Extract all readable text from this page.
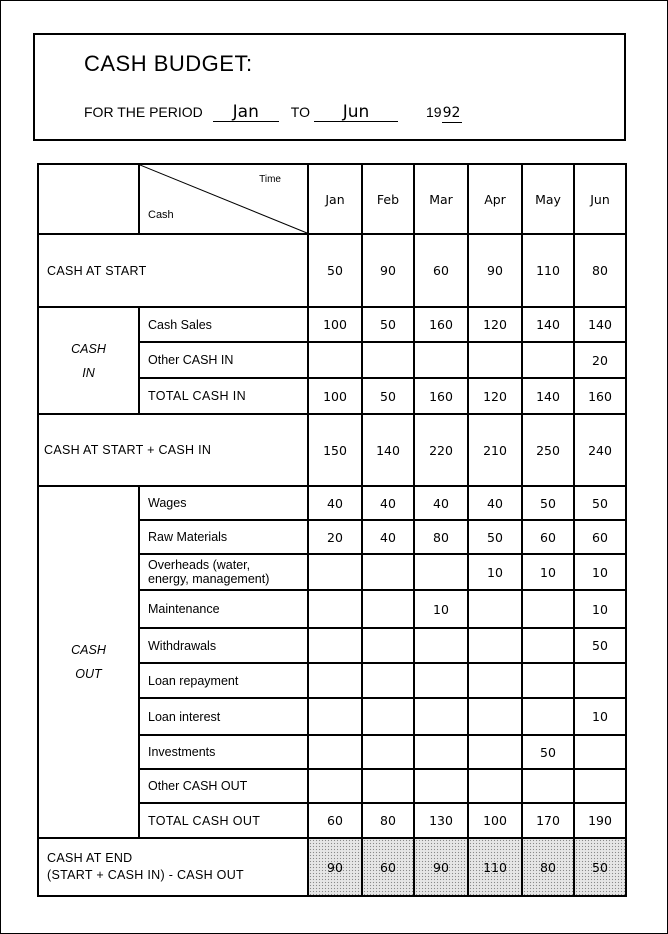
CASH BUDGET:
FOR THE PERIOD	Jan	TO	Jun	19 92

	Time
Cash	Jan	Feb	Mar	Apr	May	Jun
CASH AT START		50	90	60	90	110	80
CASH
IN	Cash Sales	100	50	160	120	140	140
	Other CASH IN						20
	TOTAL CASH IN	100	50	160	120	140	160
CASH AT START + CASH IN		150	140	220	210	250	240
CASH
OUT	Wages	40	40	40	40	50	50
	Raw Materials	20	40	80	50	60	60
	Overheads (water,
energy, management)				10	10	10
	Maintenance			10			10
	Withdrawals						50
	Loan repayment						
	Loan interest						10
	Investments					50	
	Other CASH OUT						
	TOTAL CASH OUT	60	80	130	100	170	190
CASH AT END
(START + CASH IN) - CASH OUT		90	60	90	110	80	50
